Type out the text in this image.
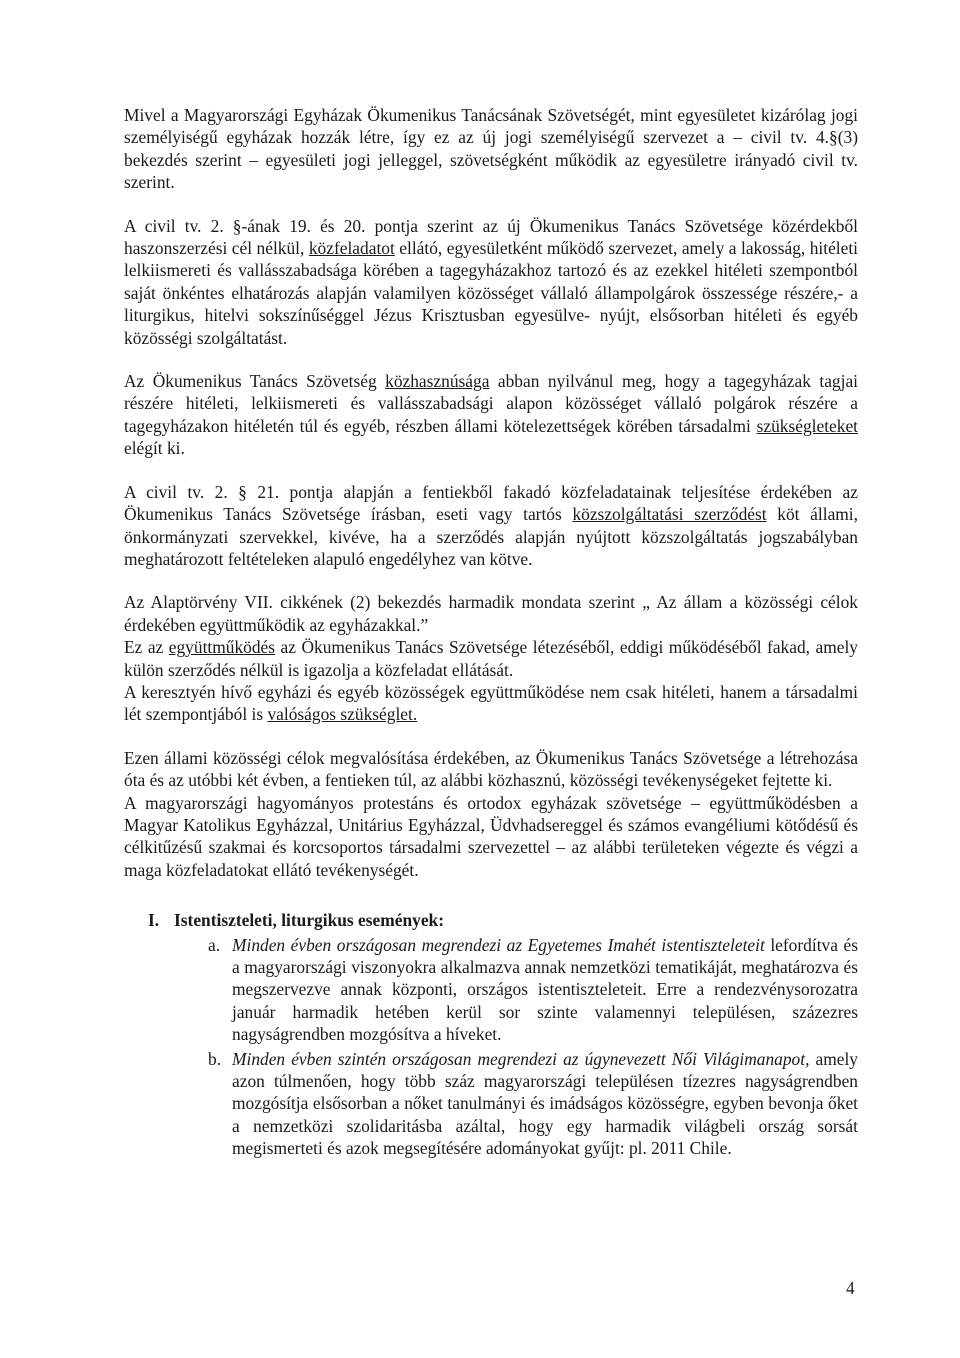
Mivel a Magyarországi Egyházak Ökumenikus Tanácsának Szövetségét, mint egyesületet kizárólag jogi személyiségű egyházak hozzák létre, így ez az új jogi személyiségű szervezet a – civil tv. 4.§(3) bekezdés szerint – egyesületi jogi jelleggel, szövetségként működik az egyesületre irányadó civil tv. szerint.

A civil tv. 2. §-ának 19. és 20. pontja szerint az új Ökumenikus Tanács Szövetsége közérdekből haszonszerzési cél nélkül, közfeladatot ellátó, egyesületként működő szervezet, amely a lakosság, hitéleti lelkiismereti és vallásszabadsága körében a tagegyházakhoz tartozó és az ezekkel hitéleti szempontból saját önkéntes elhatározás alapján valamilyen közösséget vállaló állampolgárok összessége részére,- a liturgikus, hitelvi sokszínűséggel Jézus Krisztusban egyesülve- nyújt, elsősorban hitéleti és egyéb közösségi szolgáltatást.

Az Ökumenikus Tanács Szövetség közhasznúsága abban nyilvánul meg, hogy a tagegyházak tagjai részére hitéleti, lelkiismereti és vallásszabadsági alapon közösséget vállaló polgárok részére a tagegyházakon hitéletén túl és egyéb, részben állami kötelezettségek körében társadalmi szükségleteket elégít ki.

A civil tv. 2. § 21. pontja alapján a fentiekből fakadó közfeladatainak teljesítése érdekében az Ökumenikus Tanács Szövetsége írásban, eseti vagy tartós közszolgáltatási szerződést köt állami, önkormányzati szervekkel, kivéve, ha a szerződés alapján nyújtott közszolgáltatás jogszabályban meghatározott feltételeken alapuló engedélyhez van kötve.

Az Alaptörvény VII. cikkének (2) bekezdés harmadik mondata szerint „ Az állam a közösségi célok érdekében együttműködik az egyházakkal.”

Ez az együttműködés az Ökumenikus Tanács Szövetsége létezéséből, eddigi működéséből fakad, amely külön szerződés nélkül is igazolja a közfeladat ellátását.

A keresztyén hívő egyházi és egyéb közösségek együttműködése nem csak hitéleti, hanem a társadalmi lét szempontjából is valóságos szükséglet.

Ezen állami közösségi célok megvalósítása érdekében, az Ökumenikus Tanács Szövetsége a létrehozása óta és az utóbbi két évben, a fentieken túl, az alábbi közhasznú, közösségi tevékenységeket fejtette ki.

A magyarországi hagyományos protestáns és ortodox egyházak szövetsége – együttműködésben a Magyar Katolikus Egyházzal, Unitárius Egyházzal, Üdvhadsereggel és számos evangéliumi kötődésű és célkitűzésű szakmai és korcsoportos társadalmi szervezettel – az alábbi területeken végezte és végzi a maga közfeladatokat ellátó tevékenységét.

I. Istentiszteleti, liturgikus események:
a. Minden évben országosan megrendezi az Egyetemes Imahét istentiszteleteit lefordítva és a magyarországi viszonyokra alkalmazva annak nemzetközi tematikáját, meghatározva és megszervezve annak központi, országos istentiszteleteit. Erre a rendezvénysorozatra január harmadik hetében kerül sor szinte valamennyi településen, százezres nagyságrendben mozgósítva a híveket.

b. Minden évben szintén országosan megrendezi az úgynevezett Női Világimanapot, amely azon túlmenően, hogy több száz magyarországi településen tízezres nagyságrendben mozgósítja elsősorban a nőket tanulmányi és imádságos közösségre, egyben bevonja őket a nemzetközi szolidaritásba azáltal, hogy egy harmadik világbeli ország sorsát megismerteti és azok megsegítésére adományokat gyűjt: pl. 2011 Chile.

4
